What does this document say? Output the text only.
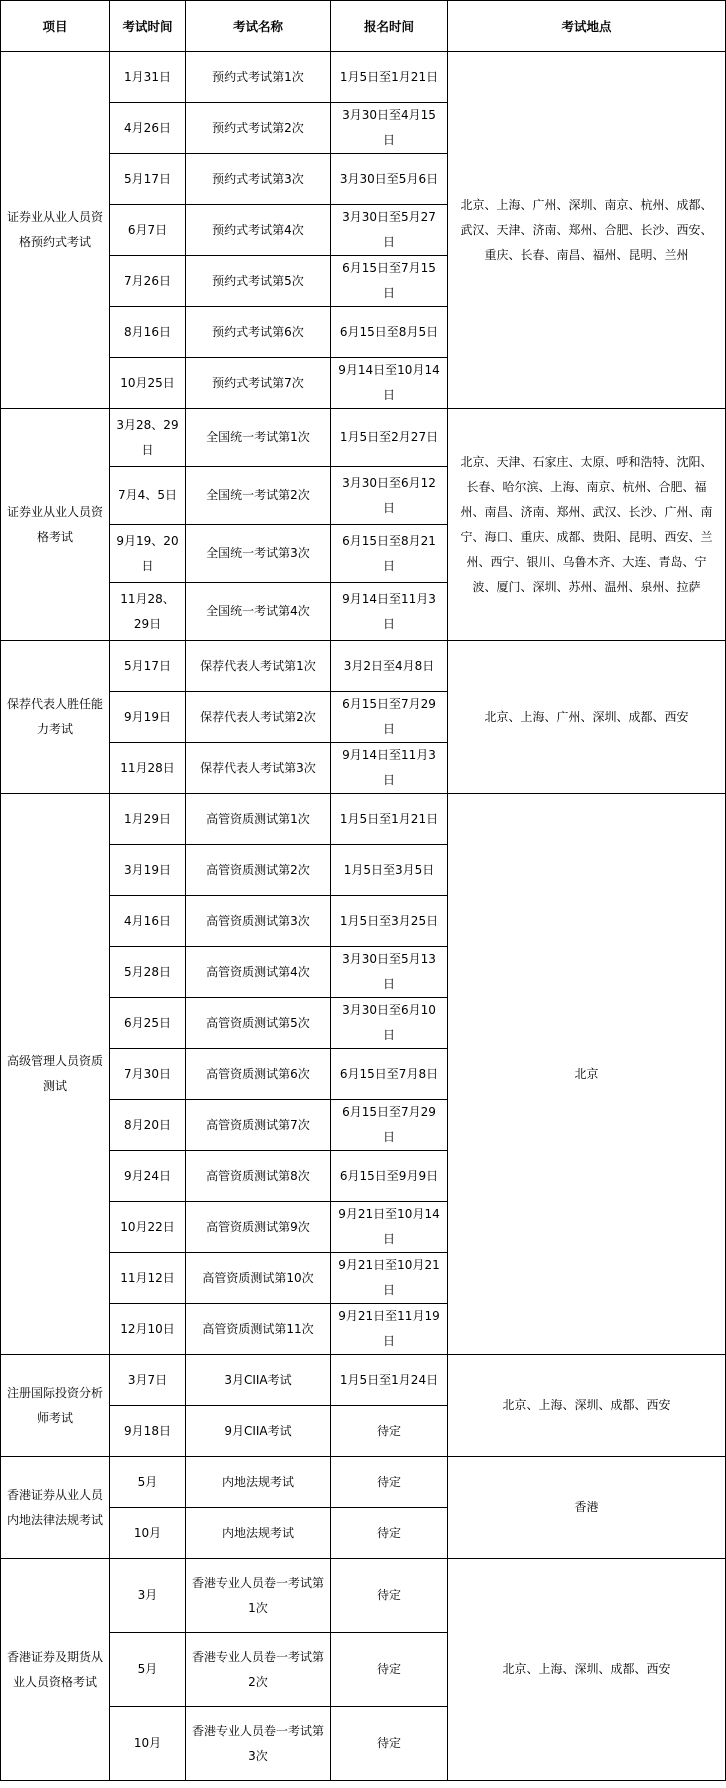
项目	考试时间	考试名称	报名时间	考试地点
证券业从业人员资格预约式考试	1月31日	预约式考试第1次	1月5日至1月21日	北京、上海、广州、深圳、南京、杭州、成都、武汉、天津、济南、郑州、合肥、长沙、西安、重庆、长春、南昌、福州、昆明、兰州
	4月26日	预约式考试第2次	3月30日至4月15日	
	5月17日	预约式考试第3次	3月30日至5月6日	
	6月7日	预约式考试第4次	3月30日至5月27日	
	7月26日	预约式考试第5次	6月15日至7月15日	
	8月16日	预约式考试第6次	6月15日至8月5日	
	10月25日	预约式考试第7次	9月14日至10月14日	
证券业从业人员资格考试	3月28、29日	全国统一考试第1次	1月5日至2月27日	北京、天津、石家庄、太原、呼和浩特、沈阳、长春、哈尔滨、上海、南京、杭州、合肥、福州、南昌、济南、郑州、武汉、长沙、广州、南宁、海口、重庆、成都、贵阳、昆明、西安、兰州、西宁、银川、乌鲁木齐、大连、青岛、宁波、厦门、深圳、苏州、温州、泉州、拉萨
	7月4、5日	全国统一考试第2次	3月30日至6月12日	
	9月19、20日	全国统一考试第3次	6月15日至8月21日	
	11月28、29日	全国统一考试第4次	9月14日至11月3日	
保荐代表人胜任能力考试	5月17日	保荐代表人考试第1次	3月2日至4月8日	北京、上海、广州、深圳、成都、西安
	9月19日	保荐代表人考试第2次	6月15日至7月29日	
	11月28日	保荐代表人考试第3次	9月14日至11月3日	
高级管理人员资质测试	1月29日	高管资质测试第1次	1月5日至1月21日	北京
	3月19日	高管资质测试第2次	1月5日至3月5日	
	4月16日	高管资质测试第3次	1月5日至3月25日	
	5月28日	高管资质测试第4次	3月30日至5月13日	
	6月25日	高管资质测试第5次	3月30日至6月10日	
	7月30日	高管资质测试第6次	6月15日至7月8日	
	8月20日	高管资质测试第7次	6月15日至7月29日	
	9月24日	高管资质测试第8次	6月15日至9月9日	
	10月22日	高管资质测试第9次	9月21日至10月14日	
	11月12日	高管资质测试第10次	9月21日至10月21日	
	12月10日	高管资质测试第11次	9月21日至11月19日	
注册国际投资分析师考试	3月7日	3月CIIA考试	1月5日至1月24日	北京、上海、深圳、成都、西安
	9月18日	9月CIIA考试	待定	
香港证券从业人员内地法律法规考试	5月	内地法规考试	待定	香港
	10月	内地法规考试	待定	
香港证券及期货从业人员资格考试	3月	香港专业人员卷一考试第1次	待定	北京、上海、深圳、成都、西安
	5月	香港专业人员卷一考试第2次	待定	
	10月	香港专业人员卷一考试第3次	待定	
